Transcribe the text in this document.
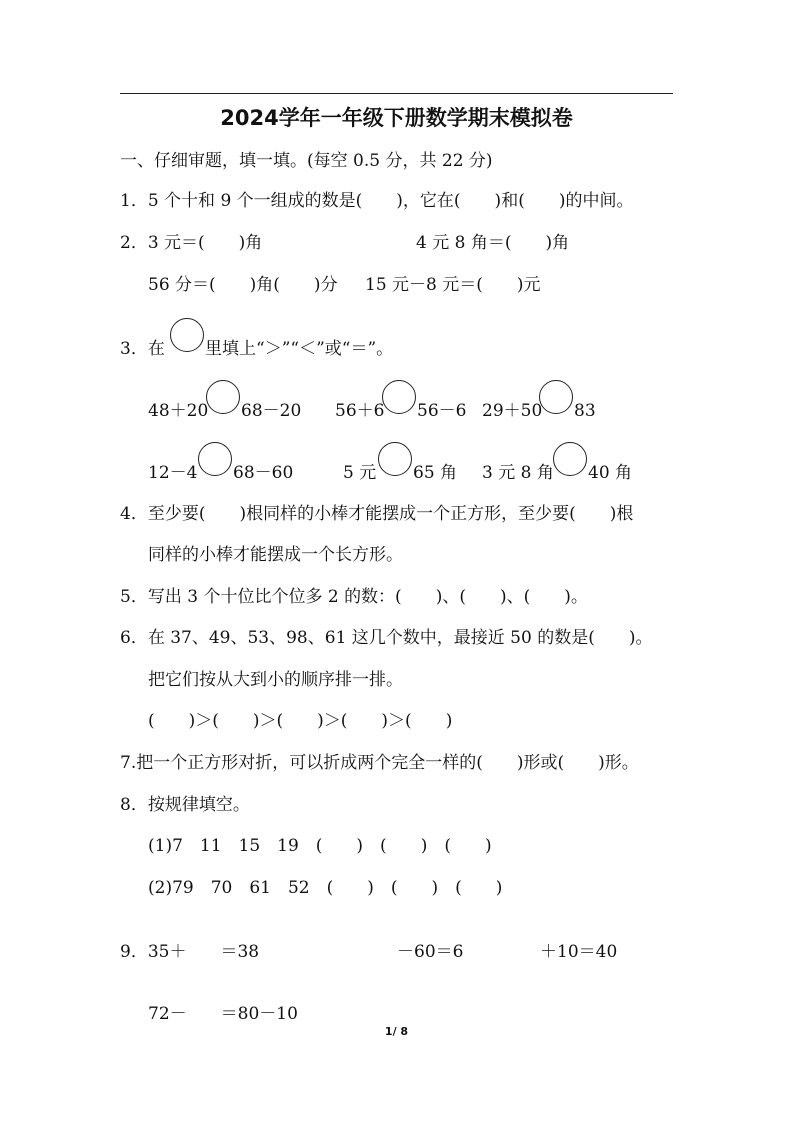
2024学年一年级下册数学期末模拟卷
一、仔细审题，填一填。(每空 0.5 分，共 22 分)
1．5 个十和 9 个一组成的数是(　　)，它在(　　)和(　　)的中间。
2．3 元＝(　　)角	4 元 8 角＝(　　)角
56 分＝(　　)角(　　)分 15 元－8 元＝(　　)元
3．在 里填上“＞”“＜”或“＝”。
48＋20 68－20 56＋6 56－6 29＋50 83
12－4 68－60	5 元 65 角 3 元 8 角 40 角
4．至少要(　　)根同样的小棒才能摆成一个正方形，至少要(　　)根
同样的小棒才能摆成一个长方形。
5．写出 3 个十位比个位多 2 的数：(　　)、(　　)、(　　)。
6．在 37、49、53、98、61 这几个数中，最接近 50 的数是(　　)。
把它们按从大到小的顺序排一排。
(　　)＞(　　)＞(　　)＞(　　)＞(　　)
7.把一个正方形对折，可以折成两个完全一样的(　　)形或(　　)形。
8．按规律填空。
(1)7　11　15　19　(　　)　(　　)　(　　)
(2)79　70　61　52　(　　)　(　　)　(　　)
9．35＋　　＝38	－60＝6	＋10＝40
72－　　＝80－10
1/ 8
